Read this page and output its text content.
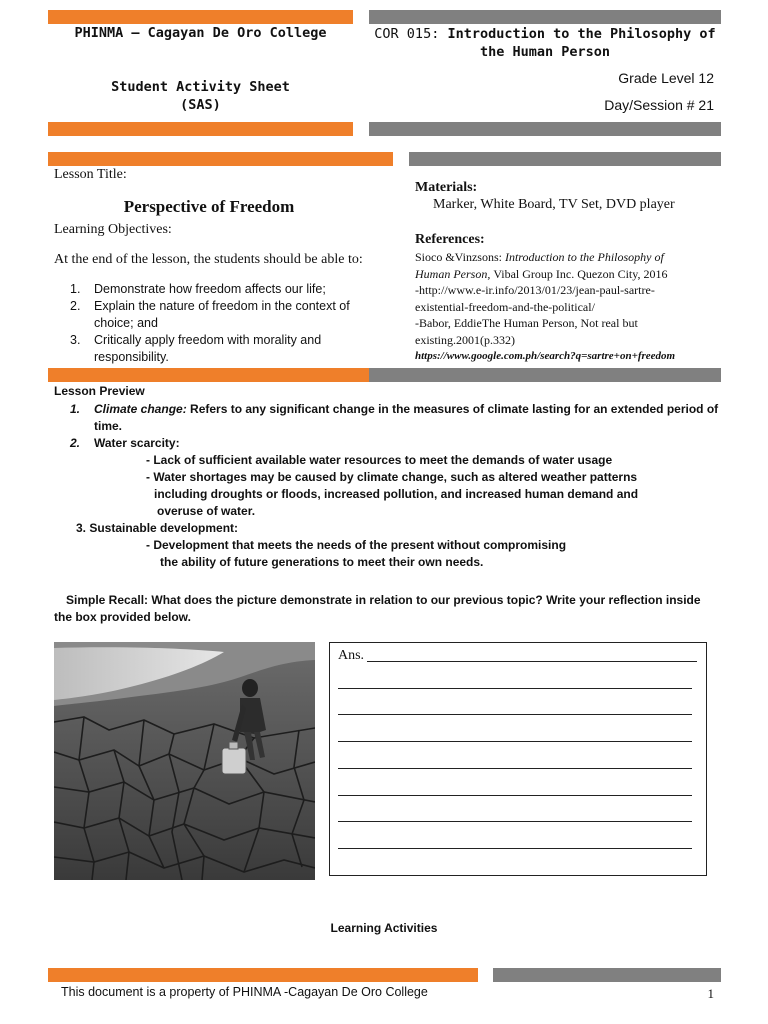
PHINMA – Cagayan De Oro College	COR 015: Introduction to the Philosophy of
the Human Person
Student Activity Sheet
(SAS)
Grade Level 12
Day/Session # 21
Lesson Title:
Perspective of Freedom
Learning Objectives:
At the end of the lesson, the students should be able to:
1. Demonstrate how freedom affects our life;
2. Explain the nature of freedom in the context of choice; and
3. Critically apply freedom with morality and responsibility.
Materials:
Marker, White Board, TV Set, DVD player
References:
Sioco &Vinzsons: Introduction to the Philosophy of
Human Person, Vibal Group Inc. Quezon City, 2016
-http://www.e-ir.info/2013/01/23/jean-paul-sartre-
existential-freedom-and-the-political/
-Babor, EddieThe Human Person, Not real but
existing.2001(p.332)
https://www.google.com.ph/search?q=sartre+on+freedom
Lesson Preview
1. Climate change: Refers to any significant change in the measures of climate lasting for an extended period of
time.
2. Water scarcity:
- Lack of sufficient available water resources to meet the demands of water usage
- Water shortages may be caused by climate change, such as altered weather patterns
including droughts or floods, increased pollution, and increased human demand and
overuse of water.
3. Sustainable development:
- Development that meets the needs of the present without compromising
the ability of future generations to meet their own needs.
Simple Recall: What does the picture demonstrate in relation to our previous topic? Write your reflection inside
the box provided below.
Ans.
Learning Activities
This document is a property of PHINMA -Cagayan De Oro College	1
